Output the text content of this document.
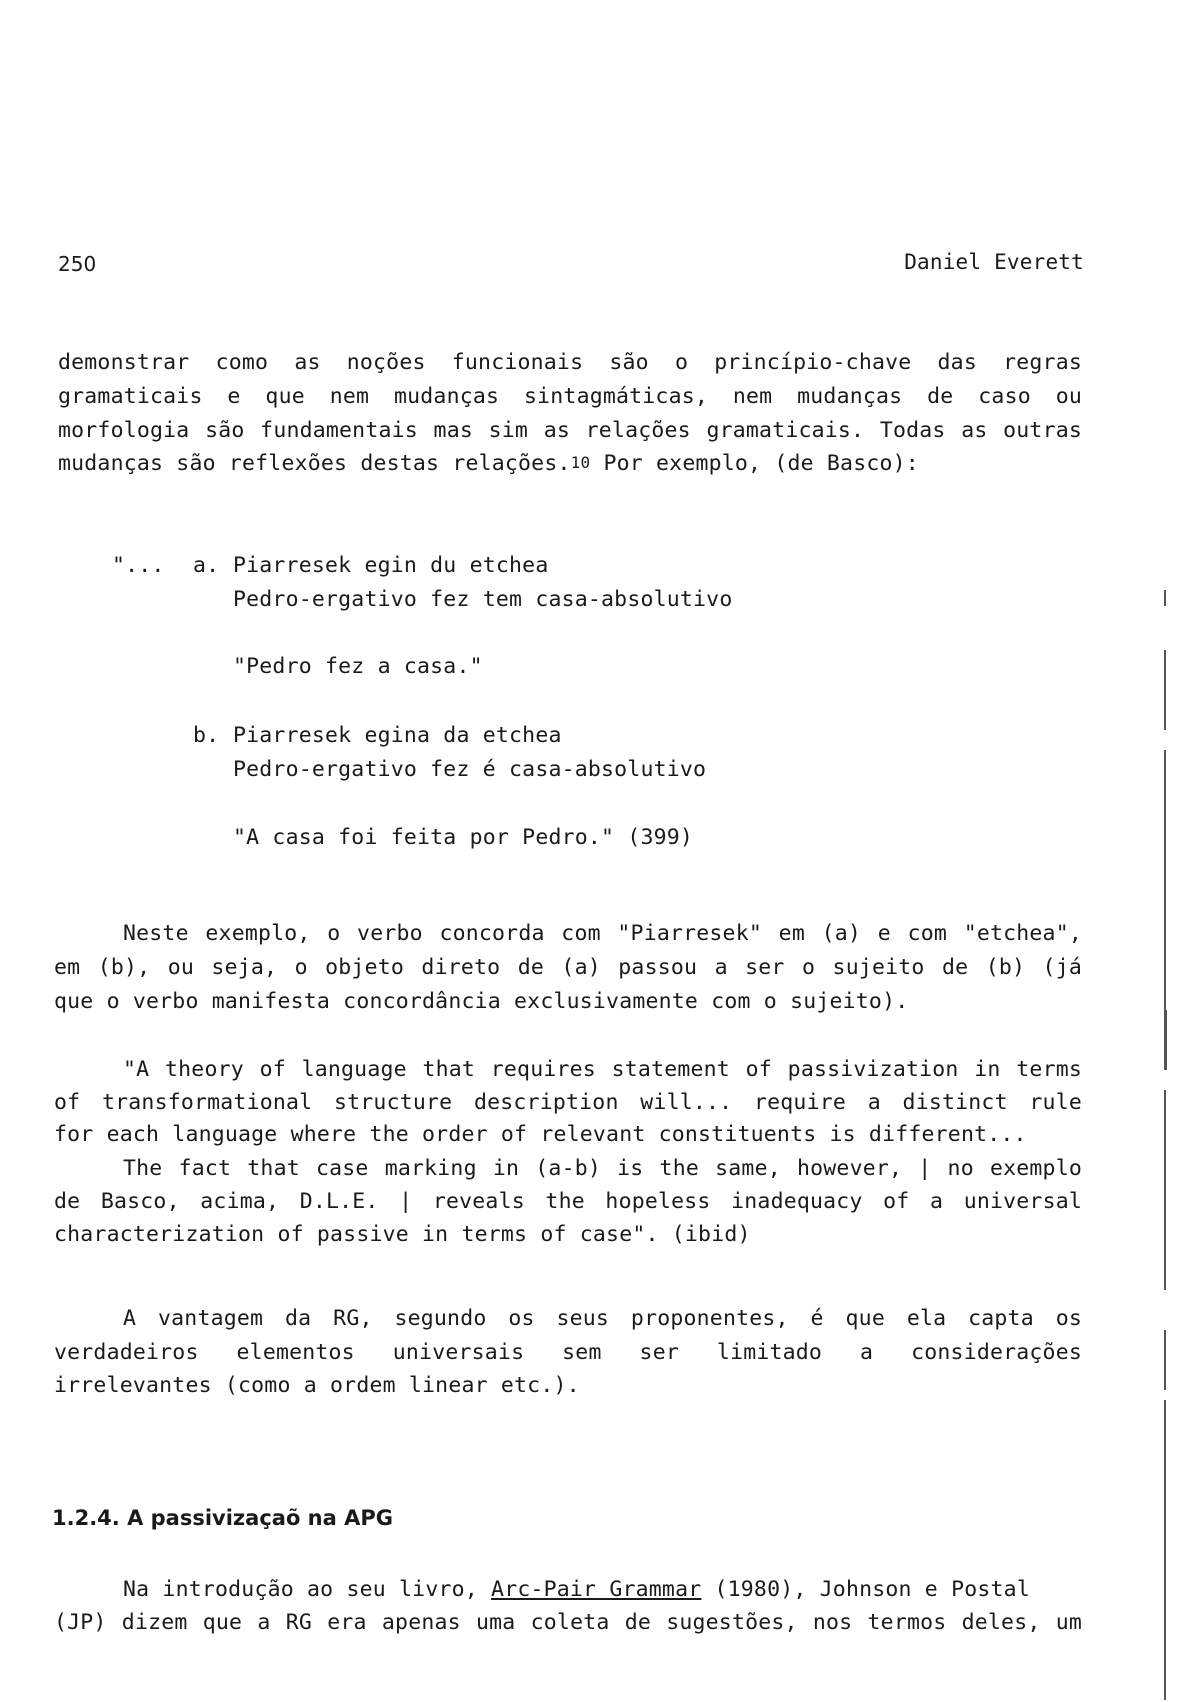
250	Daniel Everett
demonstrar como as noções funcionais são o princípio-chave das regras
gramaticais e que nem mudanças sintagmáticas, nem mudanças de caso ou
morfologia são fundamentais mas sim as relações gramaticais. Todas as outras
mudanças são reflexões destas relações.$^{10}$ Por exemplo, (de Basco):
"... a. Piarresek egin du etchea
Pedro-ergativo fez tem casa-absolutivo
"Pedro fez a casa."
b. Piarresek egina da etchea
Pedro-ergativo fez é casa-absolutivo
"A casa foi feita por Pedro." (399)
Neste exemplo, o verbo concorda com "Piarresek" em (a) e com "etchea",
em (b), ou seja, o objeto direto de (a) passou a ser o sujeito de (b) (já
que o verbo manifesta concordância exclusivamente com o sujeito).
"A theory of language that requires statement of passivization in terms
of transformational structure description will... require a distinct rule
for each language where the order of relevant constituents is different...
The fact that case marking in (a-b) is the same, however, | no exemplo
de Basco, acima, D.L.E. | reveals the hopeless inadequacy of a universal
characterization of passive in terms of case". (ibid)
A vantagem da RG, segundo os seus proponentes, é que ela capta os
verdadeiros elementos universais sem ser limitado a considerações
irrelevantes (como a ordem linear etc.).
1.2.4. A passivizaçaõ na APG
Na introdução ao seu livro, Arc-Pair Grammar (1980), Johnson e Postal
(JP) dizem que a RG era apenas uma coleta de sugestões, nos termos deles, um
